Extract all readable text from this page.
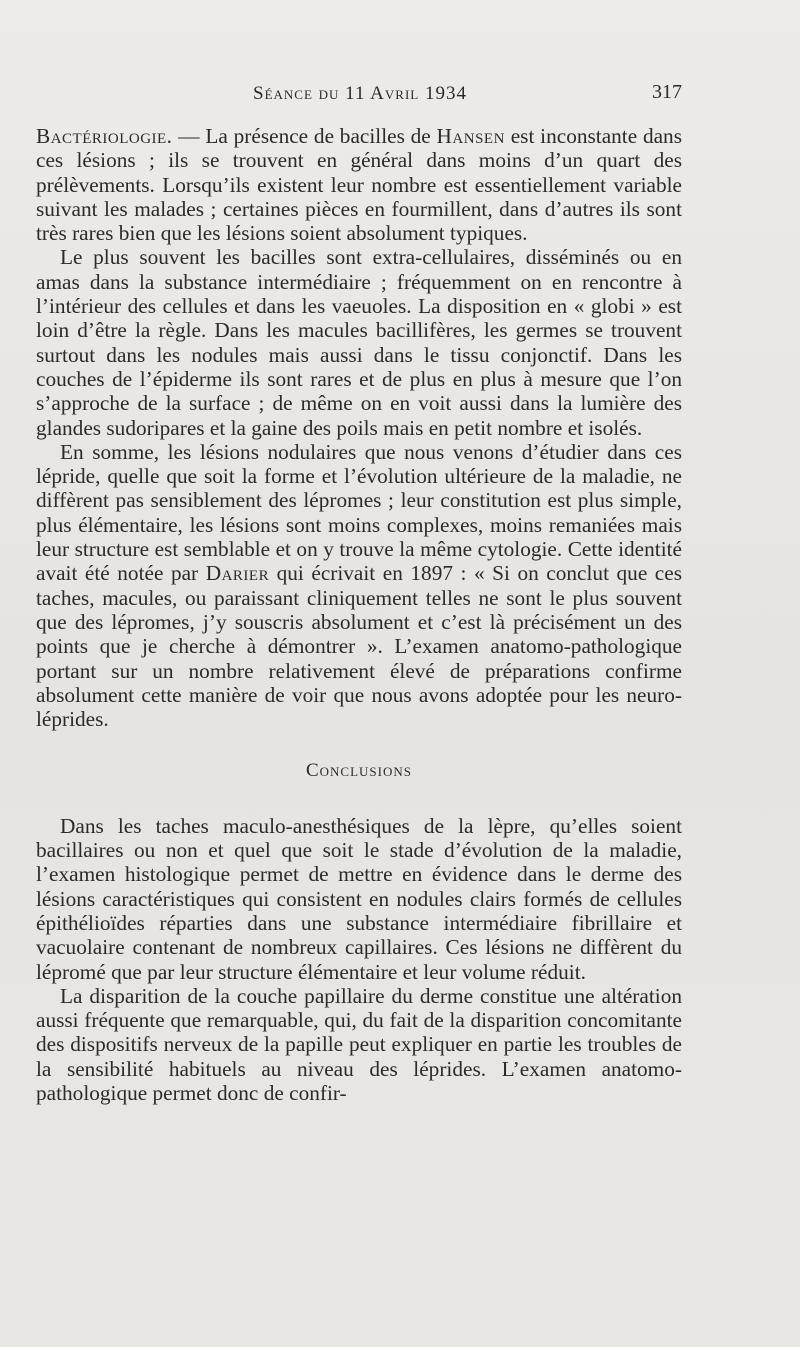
Séance du 11 Avril 1934	317

Bactériologie. — La présence de bacilles de Hansen est inconstante dans ces lésions ; ils se trouvent en général dans moins d’un quart des prélèvements. Lorsqu’ils existent leur nombre est essentiellement variable suivant les malades ; certaines pièces en fourmillent, dans d’autres ils sont très rares bien que les lésions soient absolument typiques.

Le plus souvent les bacilles sont extra-cellulaires, disséminés ou en amas dans la substance intermédiaire ; fréquemment on en rencontre à l’intérieur des cellules et dans les vaeuoles. La disposition en « globi » est loin d’être la règle. Dans les macules bacillifères, les germes se trouvent surtout dans les nodules mais aussi dans le tissu conjonctif. Dans les couches de l’épiderme ils sont rares et de plus en plus à mesure que l’on s’approche de la surface ; de même on en voit aussi dans la lumière des glandes sudoripares et la gaine des poils mais en petit nombre et isolés.

En somme, les lésions nodulaires que nous venons d’étudier dans ces lépride, quelle que soit la forme et l’évolution ultérieure de la maladie, ne diffèrent pas sensiblement des lépromes ; leur constitution est plus simple, plus élémentaire, les lésions sont moins complexes, moins remaniées mais leur structure est semblable et on y trouve la même cytologie. Cette identité avait été notée par Darier qui écrivait en 1897 : « Si on conclut que ces taches, macules, ou paraissant cliniquement telles ne sont le plus souvent que des lépromes, j’y souscris absolument et c’est là précisément un des points que je cherche à démontrer ». L’examen anatomo-pathologique portant sur un nombre relativement élevé de préparations confirme absolument cette manière de voir que nous avons adoptée pour les neuro-léprides.

Conclusions

Dans les taches maculo-anesthésiques de la lèpre, qu’elles soient bacillaires ou non et quel que soit le stade d’évolution de la maladie, l’examen histologique permet de mettre en évidence dans le derme des lésions caractéristiques qui consistent en nodules clairs formés de cellules épithélioïdes réparties dans une substance intermédiaire fibrillaire et vacuolaire contenant de nombreux capillaires. Ces lésions ne diffèrent du lépromé que par leur structure élémentaire et leur volume réduit.

La disparition de la couche papillaire du derme constitue une altération aussi fréquente que remarquable, qui, du fait de la disparition concomitante des dispositifs nerveux de la papille peut expliquer en partie les troubles de la sensibilité habituels au niveau des léprides. L’examen anatomo-pathologique permet donc de confir-
